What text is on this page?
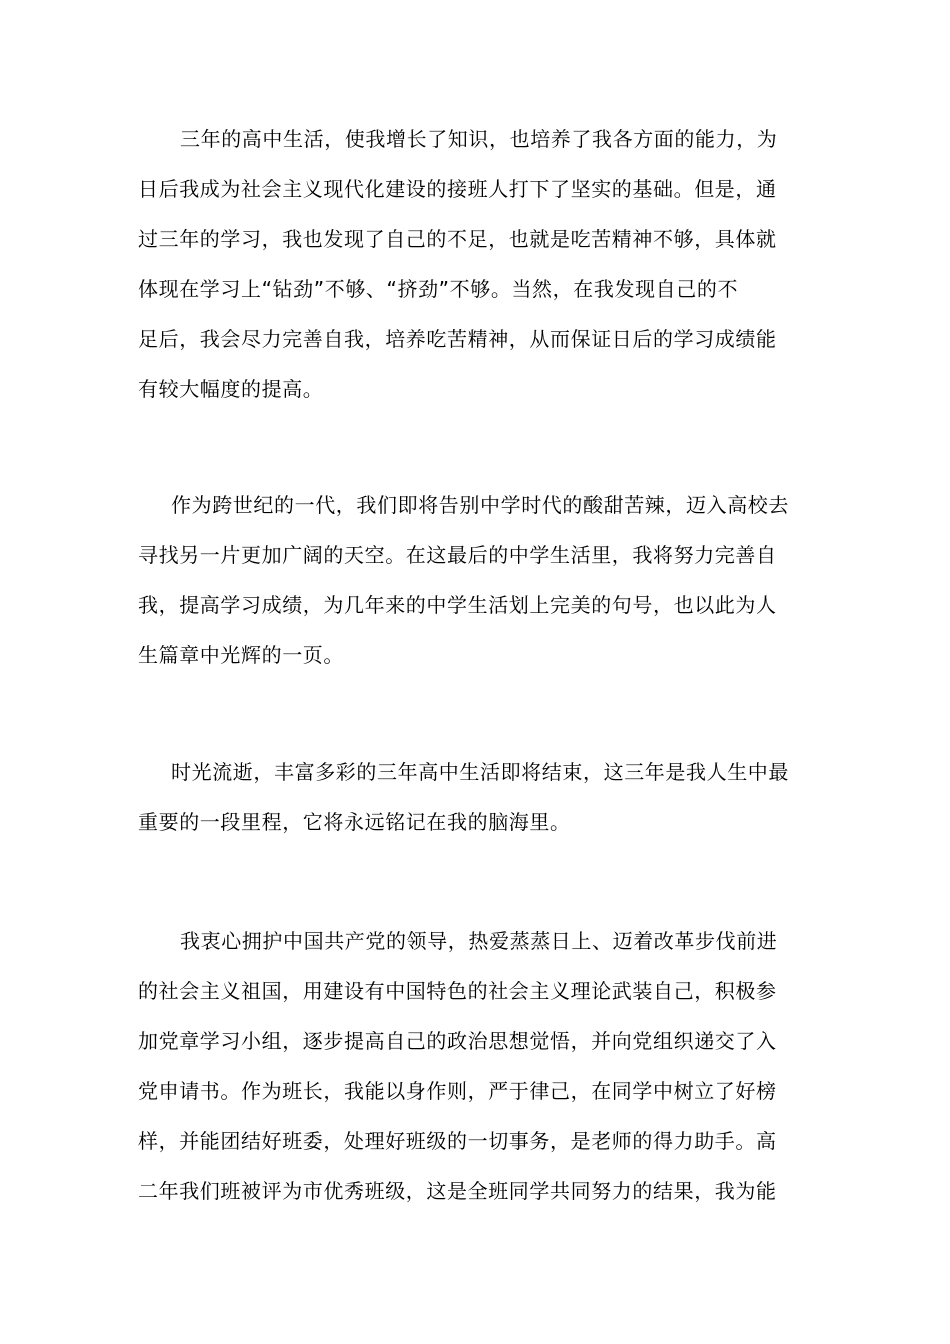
三年的高中生活，使我增长了知识，也培养了我各方面的能力，为
日后我成为社会主义现代化建设的接班人打下了坚实的基础。但是，通
过三年的学习，我也发现了自己的不足，也就是吃苦精神不够，具体就
体现在学习上“钻劲”不够、“挤劲”不够。当然，在我发现自己的不
足后，我会尽力完善自我，培养吃苦精神，从而保证日后的学习成绩能
有较大幅度的提高。

作为跨世纪的一代，我们即将告别中学时代的酸甜苦辣，迈入高校去
寻找另一片更加广阔的天空。在这最后的中学生活里，我将努力完善自
我，提高学习成绩，为几年来的中学生活划上完美的句号，也以此为人
生篇章中光辉的一页。

时光流逝，丰富多彩的三年高中生活即将结束，这三年是我人生中最
重要的一段里程，它将永远铭记在我的脑海里。

我衷心拥护中国共产党的领导，热爱蒸蒸日上、迈着改革步伐前进
的社会主义祖国，用建设有中国特色的社会主义理论武装自己，积极参
加党章学习小组，逐步提高自己的政治思想觉悟，并向党组织递交了入
党申请书。作为班长，我能以身作则，严于律己，在同学中树立了好榜
样，并能团结好班委，处理好班级的一切事务，是老师的得力助手。高
二年我们班被评为市优秀班级，这是全班同学共同努力的结果，我为能
